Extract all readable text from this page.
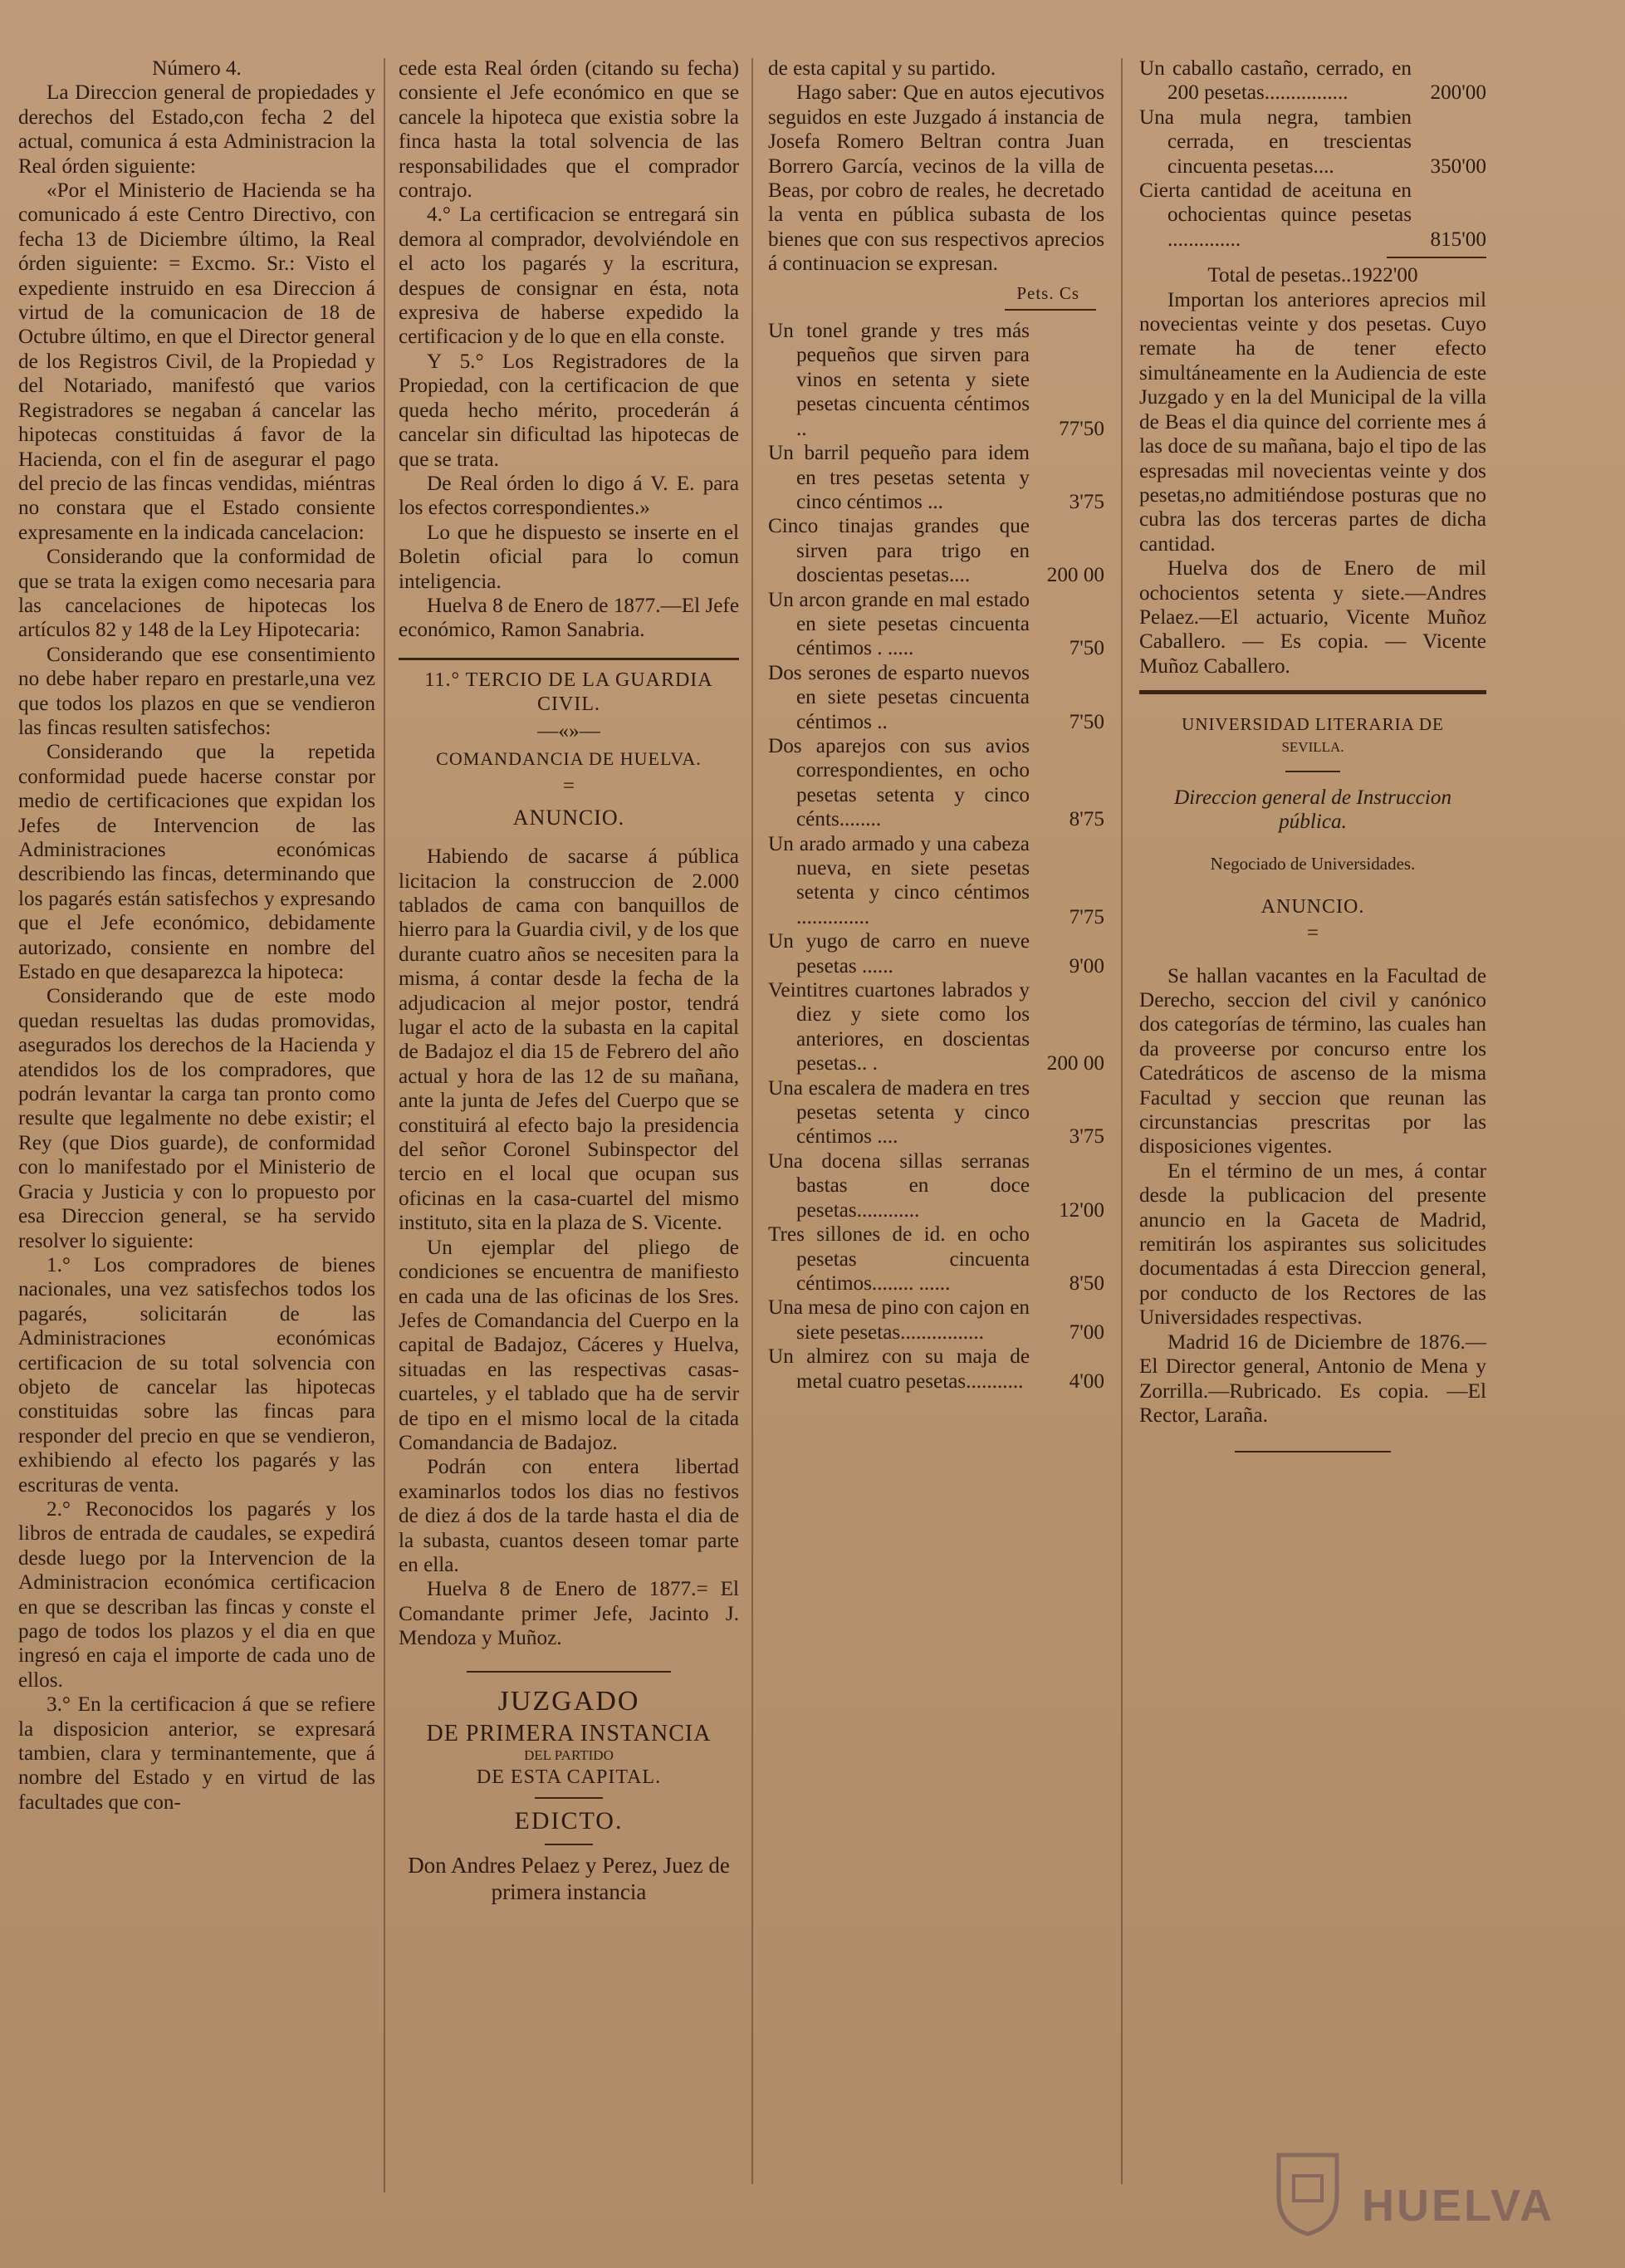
Número 4.

La Direccion general de propiedades y derechos del Estado,con fecha 2 del actual, comunica á esta Administracion la Real órden siguiente:

«Por el Ministerio de Hacienda se ha comunicado á este Centro Directivo, con fecha 13 de Diciembre último, la Real órden siguiente: = Excmo. Sr.: Visto el expediente instruido en esa Direccion á virtud de la comunicacion de 18 de Octubre último, en que el Director general de los Registros Civil, de la Propiedad y del Notariado, manifestó que varios Registradores se negaban á cancelar las hipotecas constituidas á favor de la Hacienda, con el fin de asegurar el pago del precio de las fincas vendidas, miéntras no constara que el Estado consiente expresamente en la indicada cancelacion:

Considerando que la conformidad de que se trata la exigen como necesaria para las cancelaciones de hipotecas los artículos 82 y 148 de la Ley Hipotecaria:

Considerando que ese consentimiento no debe haber reparo en prestarle,una vez que todos los plazos en que se vendieron las fincas resulten satisfechos:

Considerando que la repetida conformidad puede hacerse constar por medio de certificaciones que expidan los Jefes de Intervencion de las Administraciones económicas describiendo las fincas, determinando que los pagarés están satisfechos y expresando que el Jefe económico, debidamente autorizado, consiente en nombre del Estado en que desaparezca la hipoteca:

Considerando que de este modo quedan resueltas las dudas promovidas, asegurados los derechos de la Hacienda y atendidos los de los compradores, que podrán levantar la carga tan pronto como resulte que legalmente no debe existir; el Rey (que Dios guarde), de conformidad con lo manifestado por el Ministerio de Gracia y Justicia y con lo propuesto por esa Direccion general, se ha servido resolver lo siguiente:

1.° Los compradores de bienes nacionales, una vez satisfechos todos los pagarés, solicitarán de las Administraciones económicas certificacion de su total solvencia con objeto de cancelar las hipotecas constituidas sobre las fincas para responder del precio en que se vendieron, exhibiendo al efecto los pagarés y las escrituras de venta.

2.° Reconocidos los pagarés y los libros de entrada de caudales, se expedirá desde luego por la Intervencion de la Administracion económica certificacion en que se describan las fincas y conste el pago de todos los plazos y el dia en que ingresó en caja el importe de cada uno de ellos.

3.° En la certificacion á que se refiere la disposicion anterior, se expresará tambien, clara y terminantemente, que á nombre del Estado y en virtud de las facultades que con-

cede esta Real órden (citando su fecha) consiente el Jefe económico en que se cancele la hipoteca que existia sobre la finca hasta la total solvencia de las responsabilidades que el comprador contrajo.

4.° La certificacion se entregará sin demora al comprador, devolviéndole en el acto los pagarés y la escritura, despues de consignar en ésta, nota expresiva de haberse expedido la certificacion y de lo que en ella conste.

Y 5.° Los Registradores de la Propiedad, con la certificacion de que queda hecho mérito, procederán á cancelar sin dificultad las hipotecas de que se trata.

De Real órden lo digo á V. E. para los efectos correspondientes.»

Lo que he dispuesto se inserte en el Boletin oficial para lo comun inteligencia.

Huelva 8 de Enero de 1877.—El Jefe económico, Ramon Sanabria.

11.° TERCIO DE LA GUARDIA CIVIL.

—«»—

COMANDANCIA DE HUELVA.

=

ANUNCIO.

Habiendo de sacarse á pública licitacion la construccion de 2.000 tablados de cama con banquillos de hierro para la Guardia civil, y de los que durante cuatro años se necesiten para la misma, á contar desde la fecha de la adjudicacion al mejor postor, tendrá lugar el acto de la subasta en la capital de Badajoz el dia 15 de Febrero del año actual y hora de las 12 de su mañana, ante la junta de Jefes del Cuerpo que se constituirá al efecto bajo la presidencia del señor Coronel Subinspector del tercio en el local que ocupan sus oficinas en la casa-cuartel del mismo instituto, sita en la plaza de S. Vicente.

Un ejemplar del pliego de condiciones se encuentra de manifiesto en cada una de las oficinas de los Sres. Jefes de Comandancia del Cuerpo en la capital de Badajoz, Cáceres y Huelva, situadas en las respectivas casas-cuarteles, y el tablado que ha de servir de tipo en el mismo local de la citada Comandancia de Badajoz.

Podrán con entera libertad examinarlos todos los dias no festivos de diez á dos de la tarde hasta el dia de la subasta, cuantos deseen tomar parte en ella.

Huelva 8 de Enero de 1877.= El Comandante primer Jefe, Jacinto J. Mendoza y Muñoz.

JUZGADO

DE PRIMERA INSTANCIA

DEL PARTIDO

DE ESTA CAPITAL.

EDICTO.

Don Andres Pelaez y Perez, Juez de primera instancia

de esta capital y su partido.

Hago saber: Que en autos ejecutivos seguidos en este Juzgado á instancia de Josefa Romero Beltran contra Juan Borrero García, vecinos de la villa de Beas, por cobro de reales, he decretado la venta en pública subasta de los bienes que con sus respectivos aprecios á continuacion se expresan.

Pets. Cs

Un tonel grande y tres más pequeños que sirven para vinos en setenta y siete pesetas cincuenta céntimos ..	77'50
Un barril pequeño para idem en tres pesetas setenta y cinco céntimos ...	3'75
Cinco tinajas grandes que sirven para trigo en doscientas pesetas....	200 00
Un arcon grande en mal estado en siete pesetas cincuenta céntimos . .....	7'50
Dos serones de esparto nuevos en siete pesetas cincuenta céntimos ..	7'50
Dos aparejos con sus avios correspondientes, en ocho pesetas setenta y cinco cénts........	8'75
Un arado armado y una cabeza nueva, en siete pesetas setenta y cinco céntimos ..............	7'75
Un yugo de carro en nueve pesetas ......	9'00
Veintitres cuartones labrados y diez y siete como los anteriores, en doscientas pesetas.. .	200 00
Una escalera de madera en tres pesetas setenta y cinco céntimos ....	3'75
Una docena sillas serranas bastas en doce pesetas............	12'00
Tres sillones de id. en ocho pesetas cincuenta céntimos........ ......	8'50
Una mesa de pino con cajon en siete pesetas................	7'00
Un almirez con su maja de metal cuatro pesetas...........	4'00
Un caballo castaño, cerrado, en 200 pesetas................	200'00
Una mula negra, tambien cerrada, en trescientas cincuenta pesetas....	350'00
Cierta cantidad de aceituna en ochocientas quince pesetas ..............	815'00

Total de pesetas..1922'00

Importan los anteriores aprecios mil novecientas veinte y dos pesetas. Cuyo remate ha de tener efecto simultáneamente en la Audiencia de este Juzgado y en la del Municipal de la villa de Beas el dia quince del corriente mes á las doce de su mañana, bajo el tipo de las espresadas mil novecientas veinte y dos pesetas,no admitiéndose posturas que no cubra las dos terceras partes de dicha cantidad.

Huelva dos de Enero de mil ochocientos setenta y siete.—Andres Pelaez.—El actuario, Vicente Muñoz Caballero. — Es copia. — Vicente Muñoz Caballero.

UNIVERSIDAD LITERARIA DE

SEVILLA.

Direccion general de Instruccion pública.

Negociado de Universidades.

ANUNCIO.

=

Se hallan vacantes en la Facultad de Derecho, seccion del civil y canónico dos categorías de término, las cuales han da proveerse por concurso entre los Catedráticos de ascenso de la misma Facultad y seccion que reunan las circunstancias prescritas por las disposiciones vigentes.

En el término de un mes, á contar desde la publicacion del presente anuncio en la Gaceta de Madrid, remitirán los aspirantes sus solicitudes documentadas á esta Direccion general, por conducto de los Rectores de las Universidades respectivas.

Madrid 16 de Diciembre de 1876.—El Director general, Antonio de Mena y Zorrilla.—Rubricado. Es copia. —El Rector, Laraña.

HUELVA
